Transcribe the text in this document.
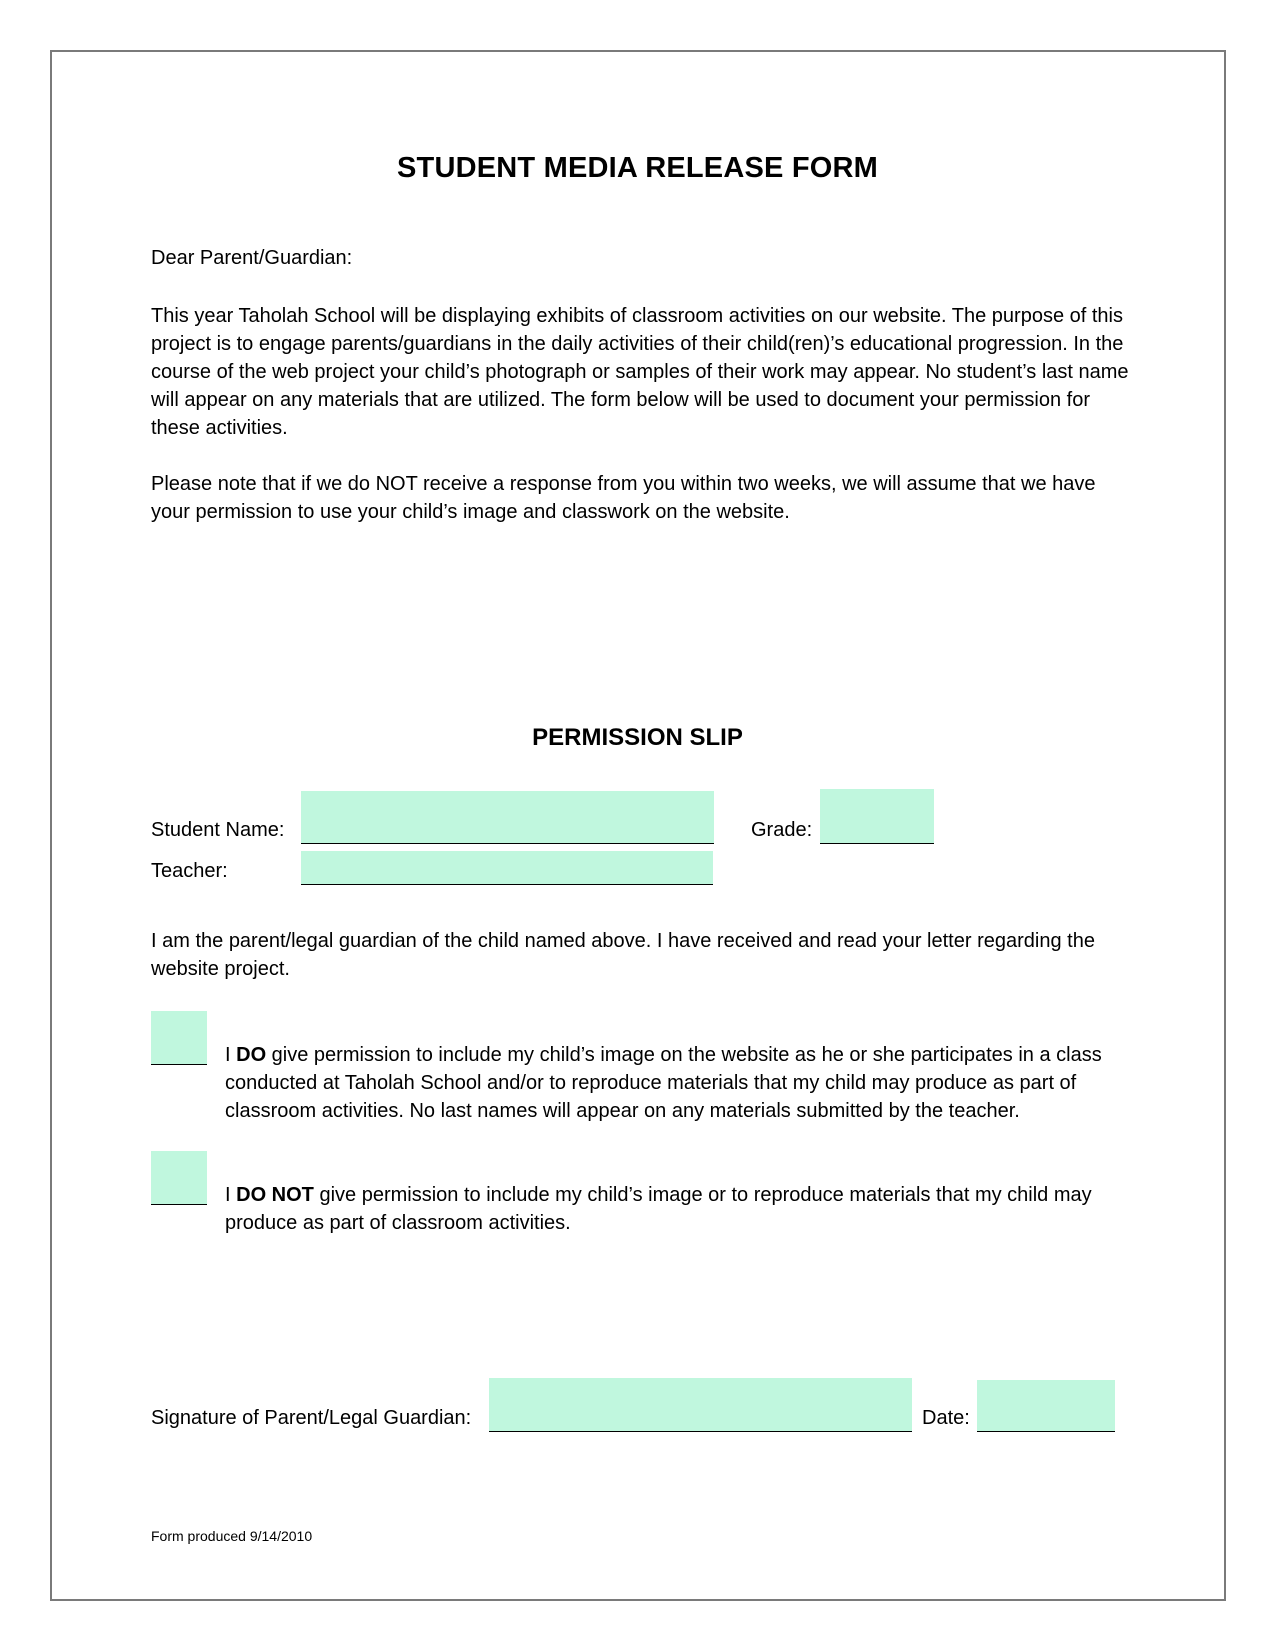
STUDENT MEDIA RELEASE FORM
Dear Parent/Guardian:
This year Taholah School will be displaying exhibits of classroom activities on our website. The purpose of this project is to engage parents/guardians in the daily activities of their child(ren)’s educational progression. In the course of the web project your child’s photograph or samples of their work may appear. No student’s last name will appear on any materials that are utilized. The form below will be used to document your permission for these activities.
Please note that if we do NOT receive a response from you within two weeks, we will assume that we have your permission to use your child’s image and classwork on the website.
PERMISSION SLIP
Student Name:	Grade:
Teacher:
I am the parent/legal guardian of the child named above. I have received and read your letter regarding the website project.
I DO give permission to include my child’s image on the website as he or she participates in a class conducted at Taholah School and/or to reproduce materials that my child may produce as part of classroom activities. No last names will appear on any materials submitted by the teacher.
I DO NOT give permission to include my child’s image or to reproduce materials that my child may produce as part of classroom activities.
Signature of Parent/Legal Guardian:	Date:
Form produced 9/14/2010
